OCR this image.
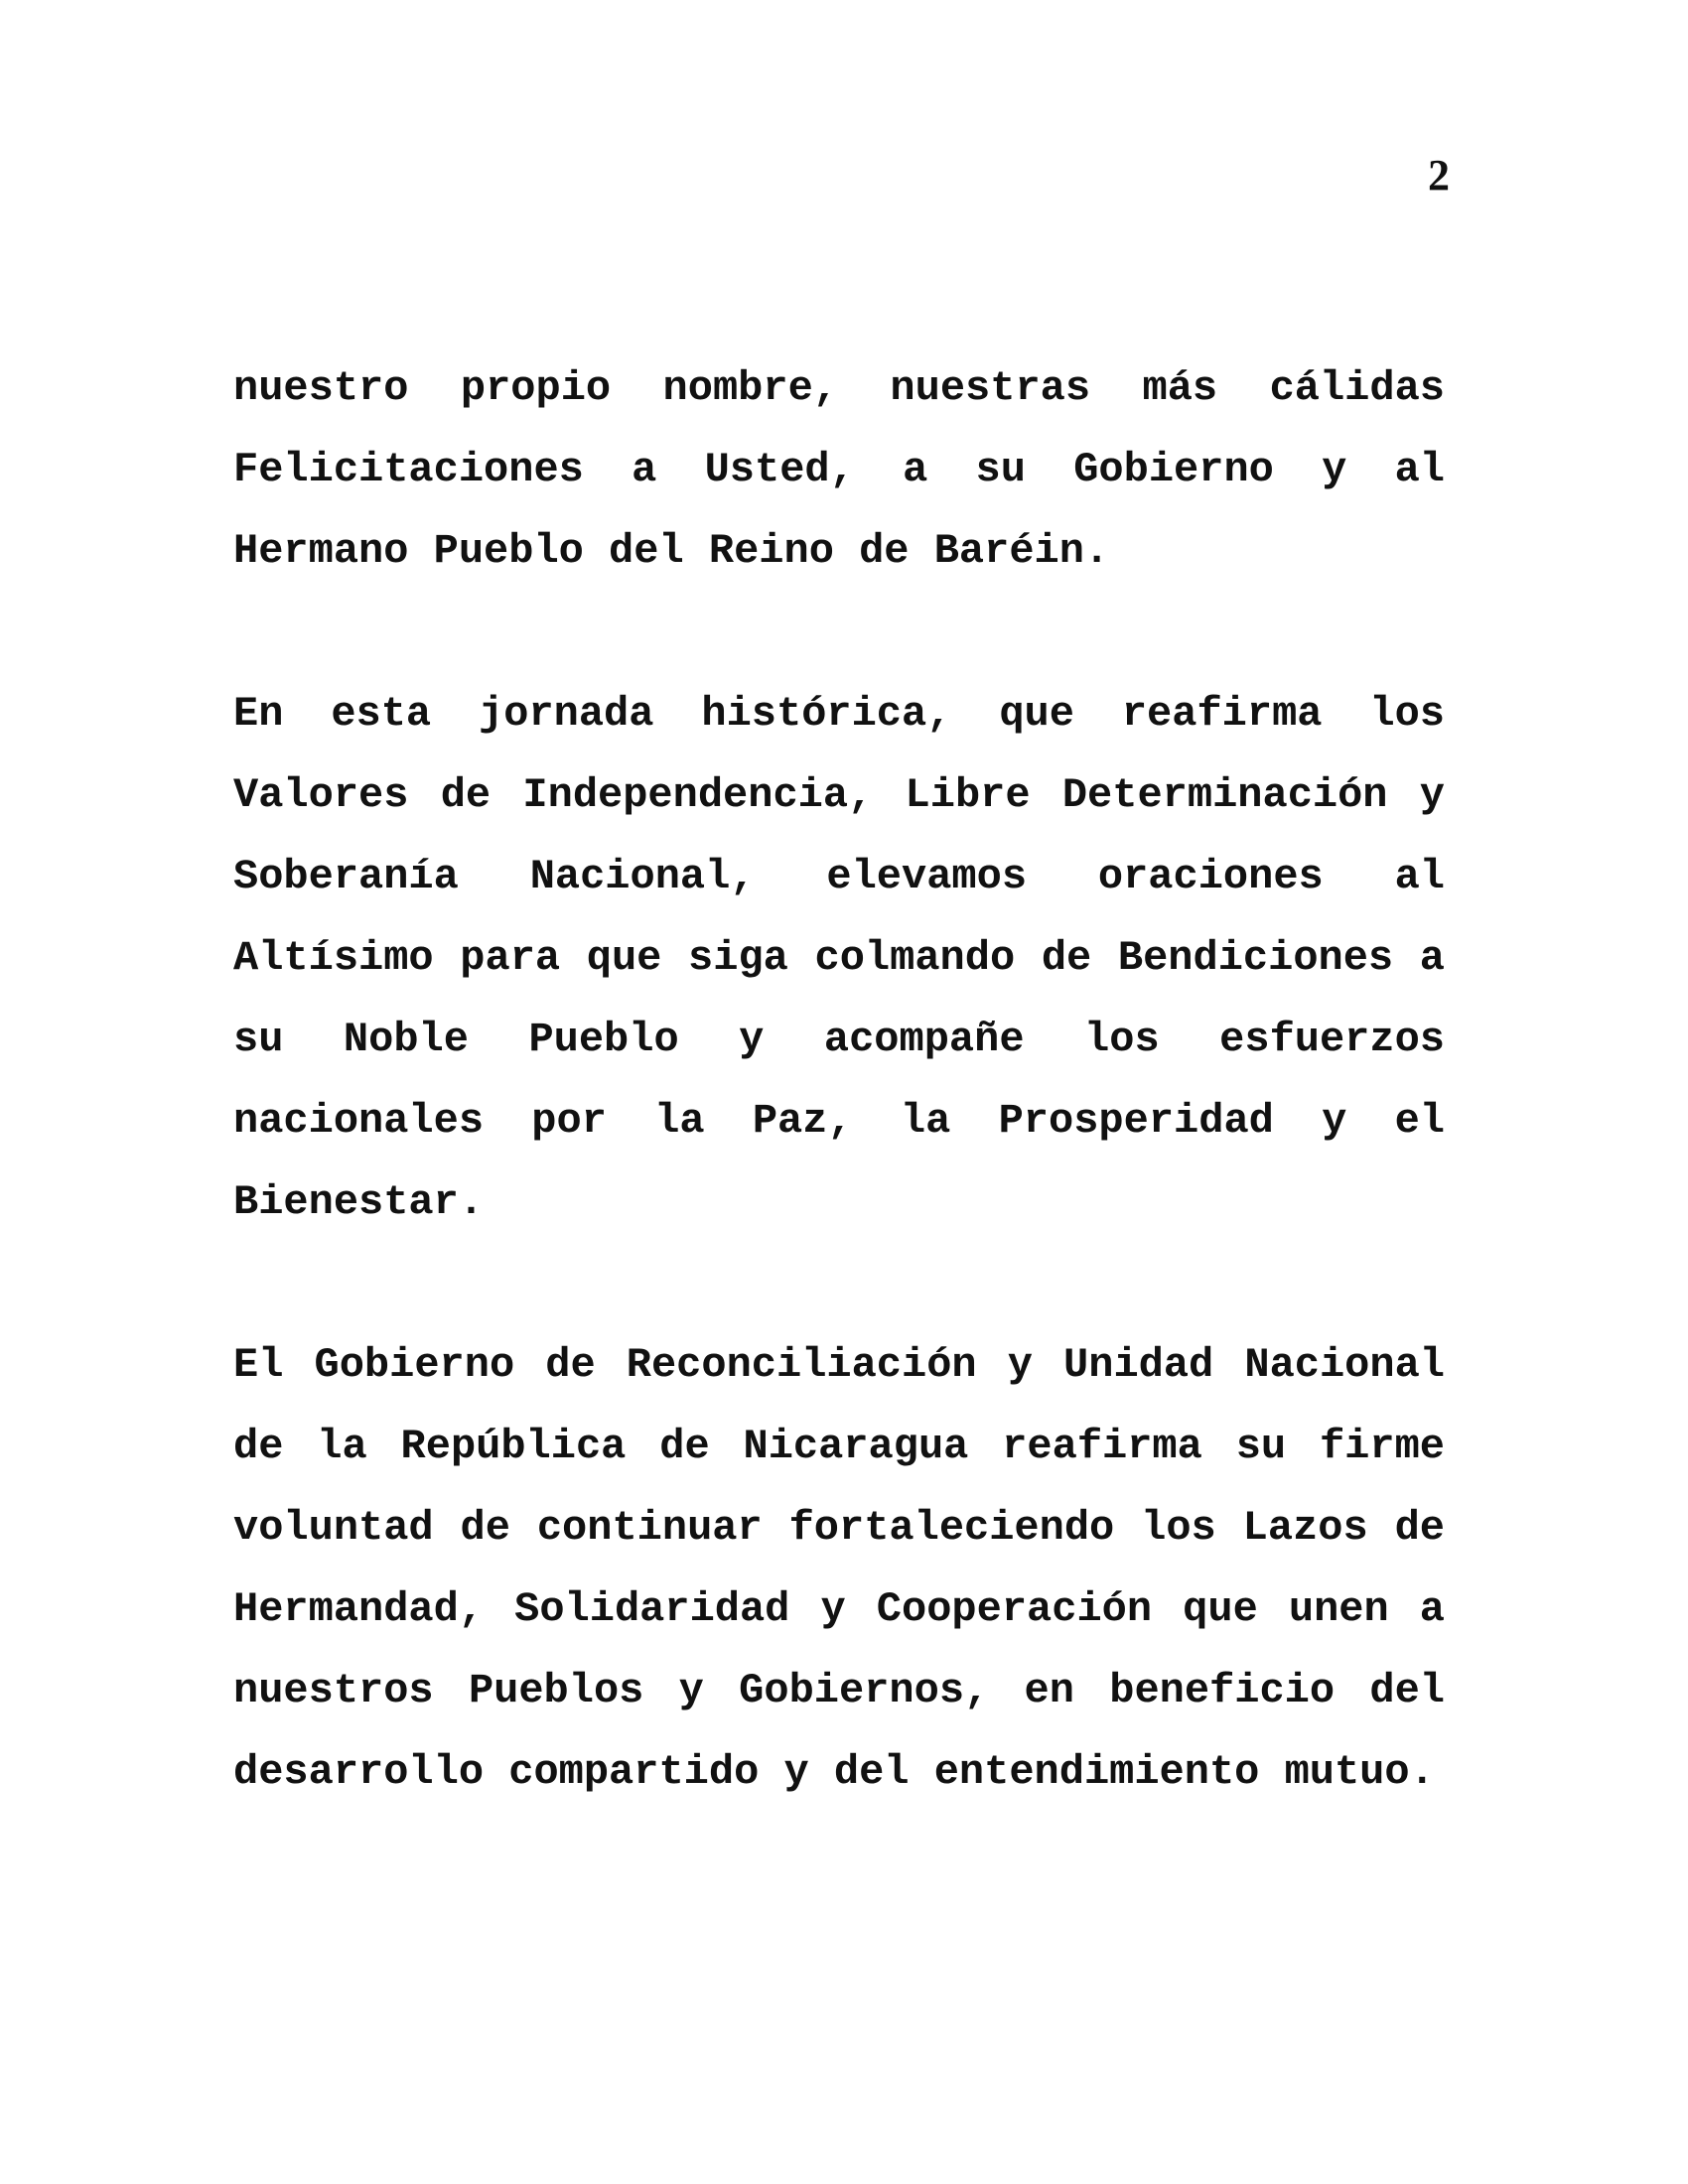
2

nuestro propio nombre, nuestras más cálidas Felicitaciones a Usted, a su Gobierno y al Hermano Pueblo del Reino de Baréin.

En esta jornada histórica, que reafirma los Valores de Independencia, Libre Determinación y Soberanía Nacional, elevamos oraciones al Altísimo para que siga colmando de Bendiciones a su Noble Pueblo y acompañe los esfuerzos nacionales por la Paz, la Prosperidad y el Bienestar.

El Gobierno de Reconciliación y Unidad Nacional de la República de Nicaragua reafirma su firme voluntad de continuar fortaleciendo los Lazos de Hermandad, Solidaridad y Cooperación que unen a nuestros Pueblos y Gobiernos, en beneficio del desarrollo compartido y del entendimiento mutuo.
